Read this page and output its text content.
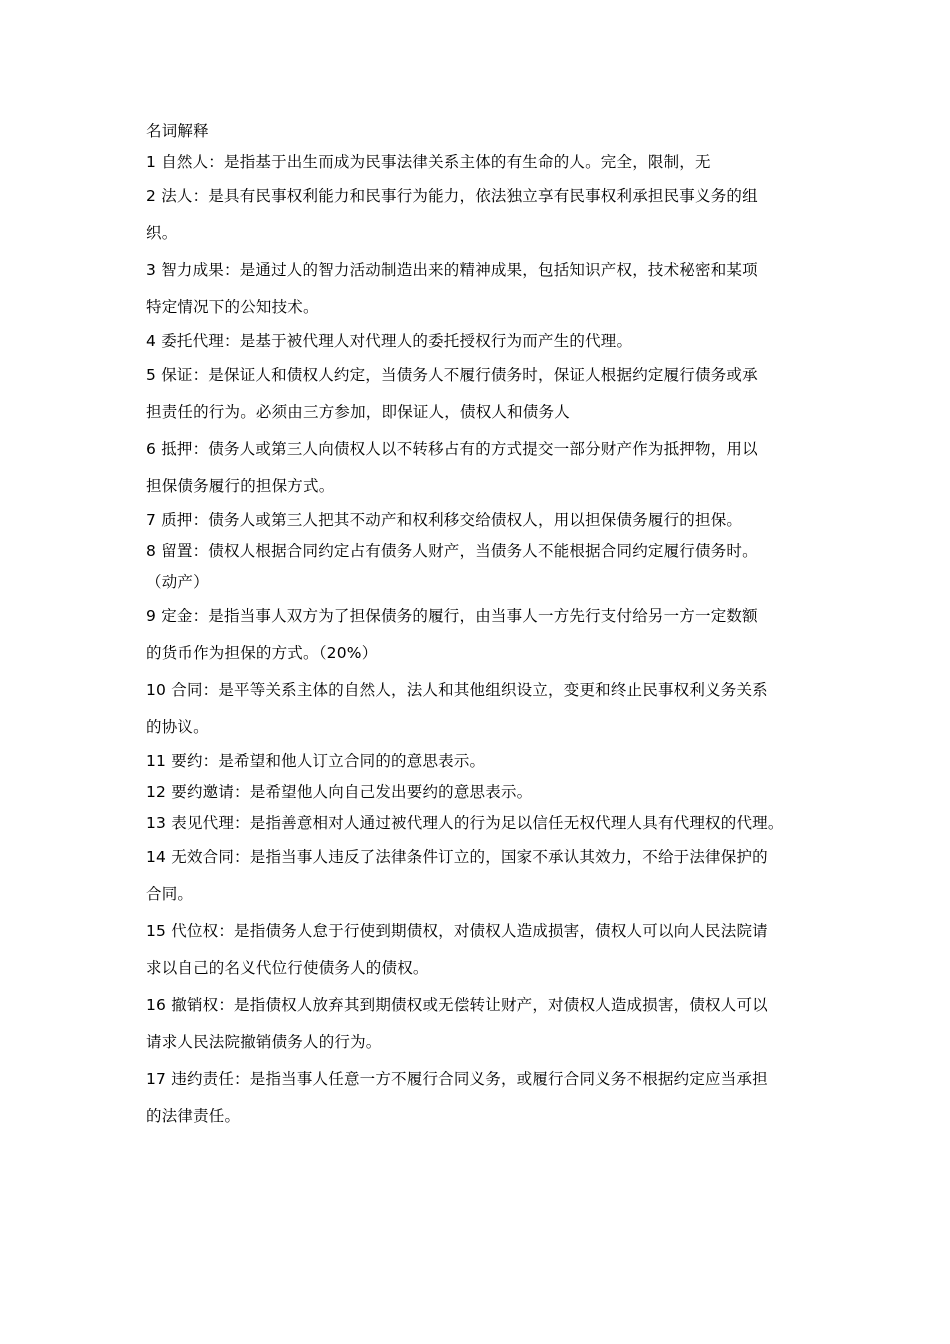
名词解释
1 自然人：是指基于出生而成为民事法律关系主体的有生命的人。完全，限制，无
2 法人：是具有民事权利能力和民事行为能力，依法独立享有民事权利承担民事义务的组
织。
3 智力成果：是通过人的智力活动制造出来的精神成果，包括知识产权，技术秘密和某项
特定情况下的公知技术。
4 委托代理：是基于被代理人对代理人的委托授权行为而产生的代理。
5 保证：是保证人和债权人约定，当债务人不履行债务时，保证人根据约定履行债务或承
担责任的行为。必须由三方参加，即保证人，债权人和债务人
6 抵押：债务人或第三人向债权人以不转移占有的方式提交一部分财产作为抵押物，用以
担保债务履行的担保方式。
7 质押：债务人或第三人把其不动产和权利移交给债权人，用以担保债务履行的担保。
8 留置：债权人根据合同约定占有债务人财产，当债务人不能根据合同约定履行债务时。
（动产）
9 定金：是指当事人双方为了担保债务的履行，由当事人一方先行支付给另一方一定数额
的货币作为担保的方式。（20%）
10 合同：是平等关系主体的自然人，法人和其他组织设立，变更和终止民事权利义务关系
的协议。
11 要约：是希望和他人订立合同的的意思表示。
12 要约邀请：是希望他人向自己发出要约的意思表示。
13 表见代理：是指善意相对人通过被代理人的行为足以信任无权代理人具有代理权的代理。
14 无效合同：是指当事人违反了法律条件订立的，国家不承认其效力，不给于法律保护的
合同。
15 代位权：是指债务人怠于行使到期债权，对债权人造成损害，债权人可以向人民法院请
求以自己的名义代位行使债务人的债权。
16 撤销权：是指债权人放弃其到期债权或无偿转让财产，对债权人造成损害，债权人可以
请求人民法院撤销债务人的行为。
17 违约责任：是指当事人任意一方不履行合同义务，或履行合同义务不根据约定应当承担
的法律责任。
